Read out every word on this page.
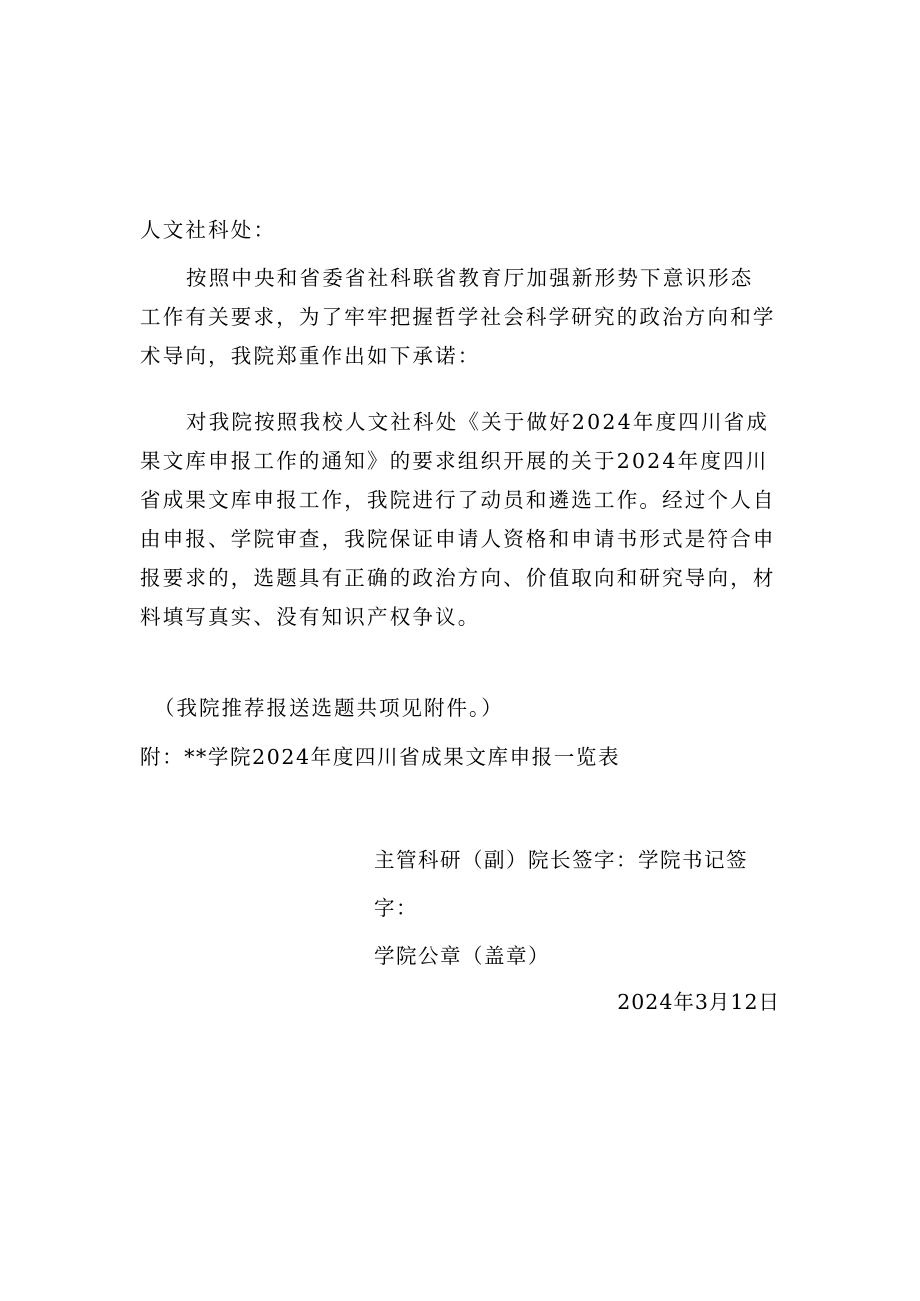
人文社科处：
按照中央和省委省社科联省教育厅加强新形势下意识形态
工作有关要求，为了牢牢把握哲学社会科学研究的政治方向和学
术导向，我院郑重作出如下承诺：
对我院按照我校人文社科处《关于做好2024年度四川省成
果文库申报工作的通知》的要求组织开展的关于2024年度四川
省成果文库申报工作，我院进行了动员和遴选工作。经过个人自
由申报、学院审查，我院保证申请人资格和申请书形式是符合申
报要求的，选题具有正确的政治方向、价值取向和研究导向，材
料填写真实、没有知识产权争议。
（我院推荐报送选题共项见附件。）
附：**学院2024年度四川省成果文库申报一览表
主管科研（副）院长签字：学院书记签
字：
学院公章（盖章）
2024年3月12日
